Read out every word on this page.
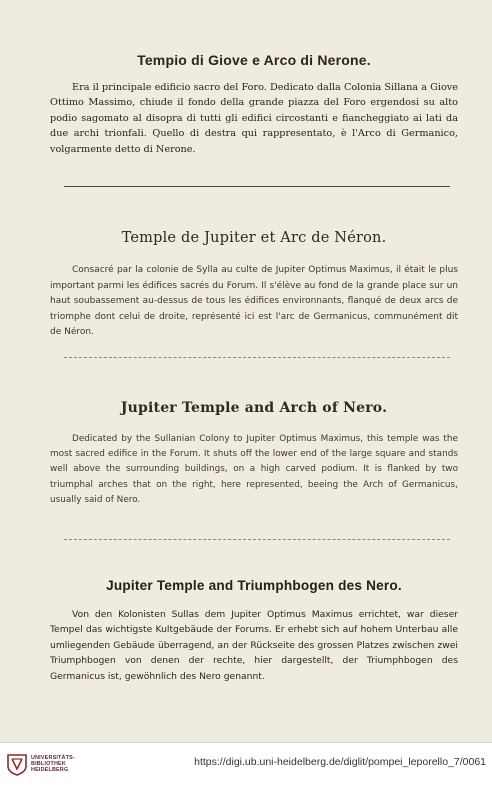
Tempio di Giove e Arco di Nerone.

Era il principale edificio sacro del Foro. Dedicato dalla Colonia Sillana a Giove Ottimo Massimo, chiude il fondo della grande piazza del Foro ergendosi su alto podio sagomato al disopra di tutti gli edifici circostanti e fiancheggiato ai lati da due archi trionfali. Quello di destra qui rappresentato, è l'Arco di Germanico, volgarmente detto di Nerone.

Temple de Jupiter et Arc de Néron.

Consacré par la colonie de Sylla au culte de Jupiter Optimus Maximus, il était le plus important parmi les édifices sacrés du Forum. Il s'élève au fond de la grande place sur un haut soubassement au-dessus de tous les édifices environnants, flanqué de deux arcs de triomphe dont celui de droite, représenté ici est l'arc de Germanicus, communément dit de Néron.

Jupiter Temple and Arch of Nero.

Dedicated by the Sullanian Colony to Jupiter Optimus Maximus, this temple was the most sacred edifice in the Forum. It shuts off the lower end of the large square and stands well above the surrounding buildings, on a high carved podium. It is flanked by two triumphal arches that on the right, here represented, beeing the Arch of Germanicus, usually said of Nero.

Jupiter Temple and Triumphbogen des Nero.

Von den Kolonisten Sullas dem Jupiter Optimus Maximus errichtet, war dieser Tempel das wichtigste Kultgebäude der Forums. Er erhebt sich auf hohem Unterbau alle umliegenden Gebäude überragend, an der Rückseite des grossen Platzes zwischen zwei Triumphbogen von denen der rechte, hier dargestellt, der Triumphbogen des Germanicus ist, gewöhnlich des Nero genannt.

UNIVERSITÄTS-
BIBLIOTHEK
HEIDELBERG
https://digi.ub.uni-heidelberg.de/diglit/pompei_leporello_7/0061
